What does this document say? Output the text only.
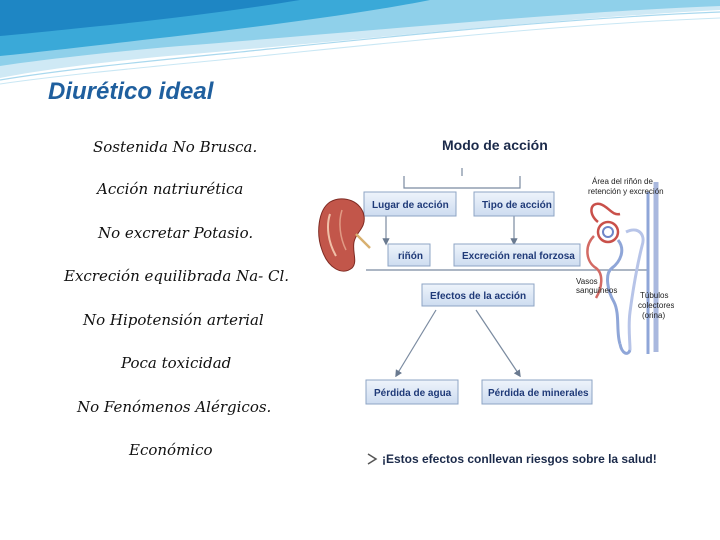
Diurético ideal
Sostenida No Brusca.
Acción natriurética
No excretar Potasio.
Excreción equilibrada Na- Cl.
No Hipotensión arterial
Poca toxicidad
No Fenómenos Alérgicos.
Económico
Modo de acción
Lugar de acción	Tipo de acción
riñón	Excreción renal forzosa
Efectos de la acción
Pérdida de agua	Pérdida de minerales
Área del riñón de
retención y excreción
Vasos
sanguíneos
Túbulos
colectores
(orina)
¡Estos efectos conllevan riesgos sobre la salud!
